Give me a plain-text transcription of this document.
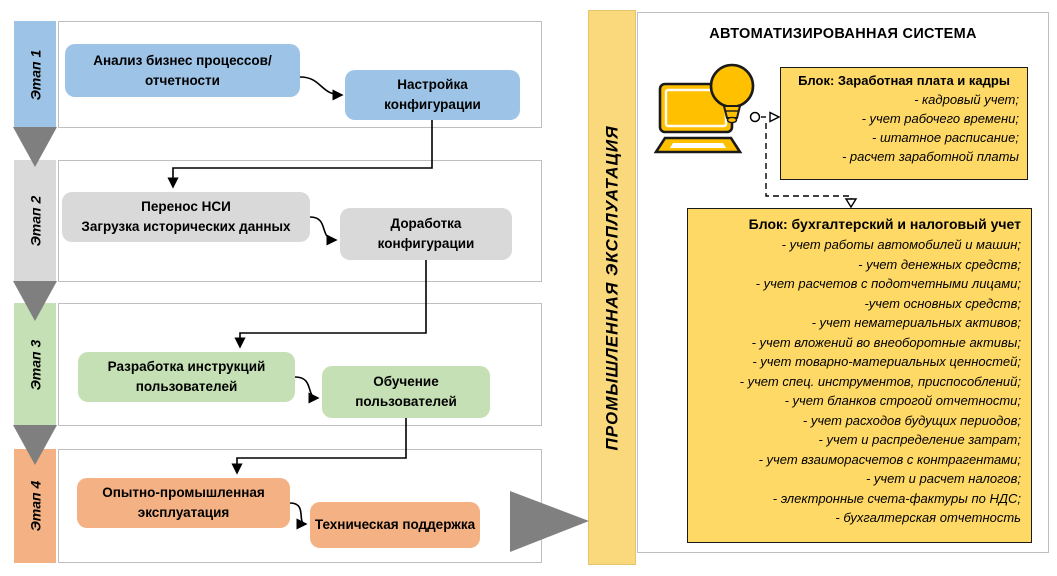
Этап 1
Этап 2
Этап 3
Этап 4
Анализ бизнес процессов/
отчетности	Настройка
конфигурации
Перенос НСИ
Загрузка исторических данных	Доработка
конфигурации
Разработка инструкций
пользователей	Обучение
пользователей
Опытно-промышленная
эксплуатация
Техническая поддержка
ПРОМЫШЛЕННАЯ ЭКСПЛУАТАЦИЯ
АВТОМАТИЗИРОВАННАЯ СИСТЕМА
Блок: Заработная плата и кадры
- кадровый учет;
- учет рабочего времени;
- штатное расписание;
- расчет заработной платы
Блок: бухгалтерский и налоговый учет
- учет работы автомобилей и машин;
- учет денежных средств;
- учет расчетов с подотчетными лицами;
-учет основных средств;
- учет нематериальных активов;
- учет вложений во внеоборотные активы;
- учет товарно-материальных ценностей;
- учет спец. инструментов, приспособлений;
- учет бланков строгой отчетности;
- учет расходов будущих периодов;
- учет и распределение затрат;
- учет взаиморасчетов с контрагентами;
- учет и расчет налогов;
- электронные счета-фактуры по НДС;
- бухгалтерская отчетность
